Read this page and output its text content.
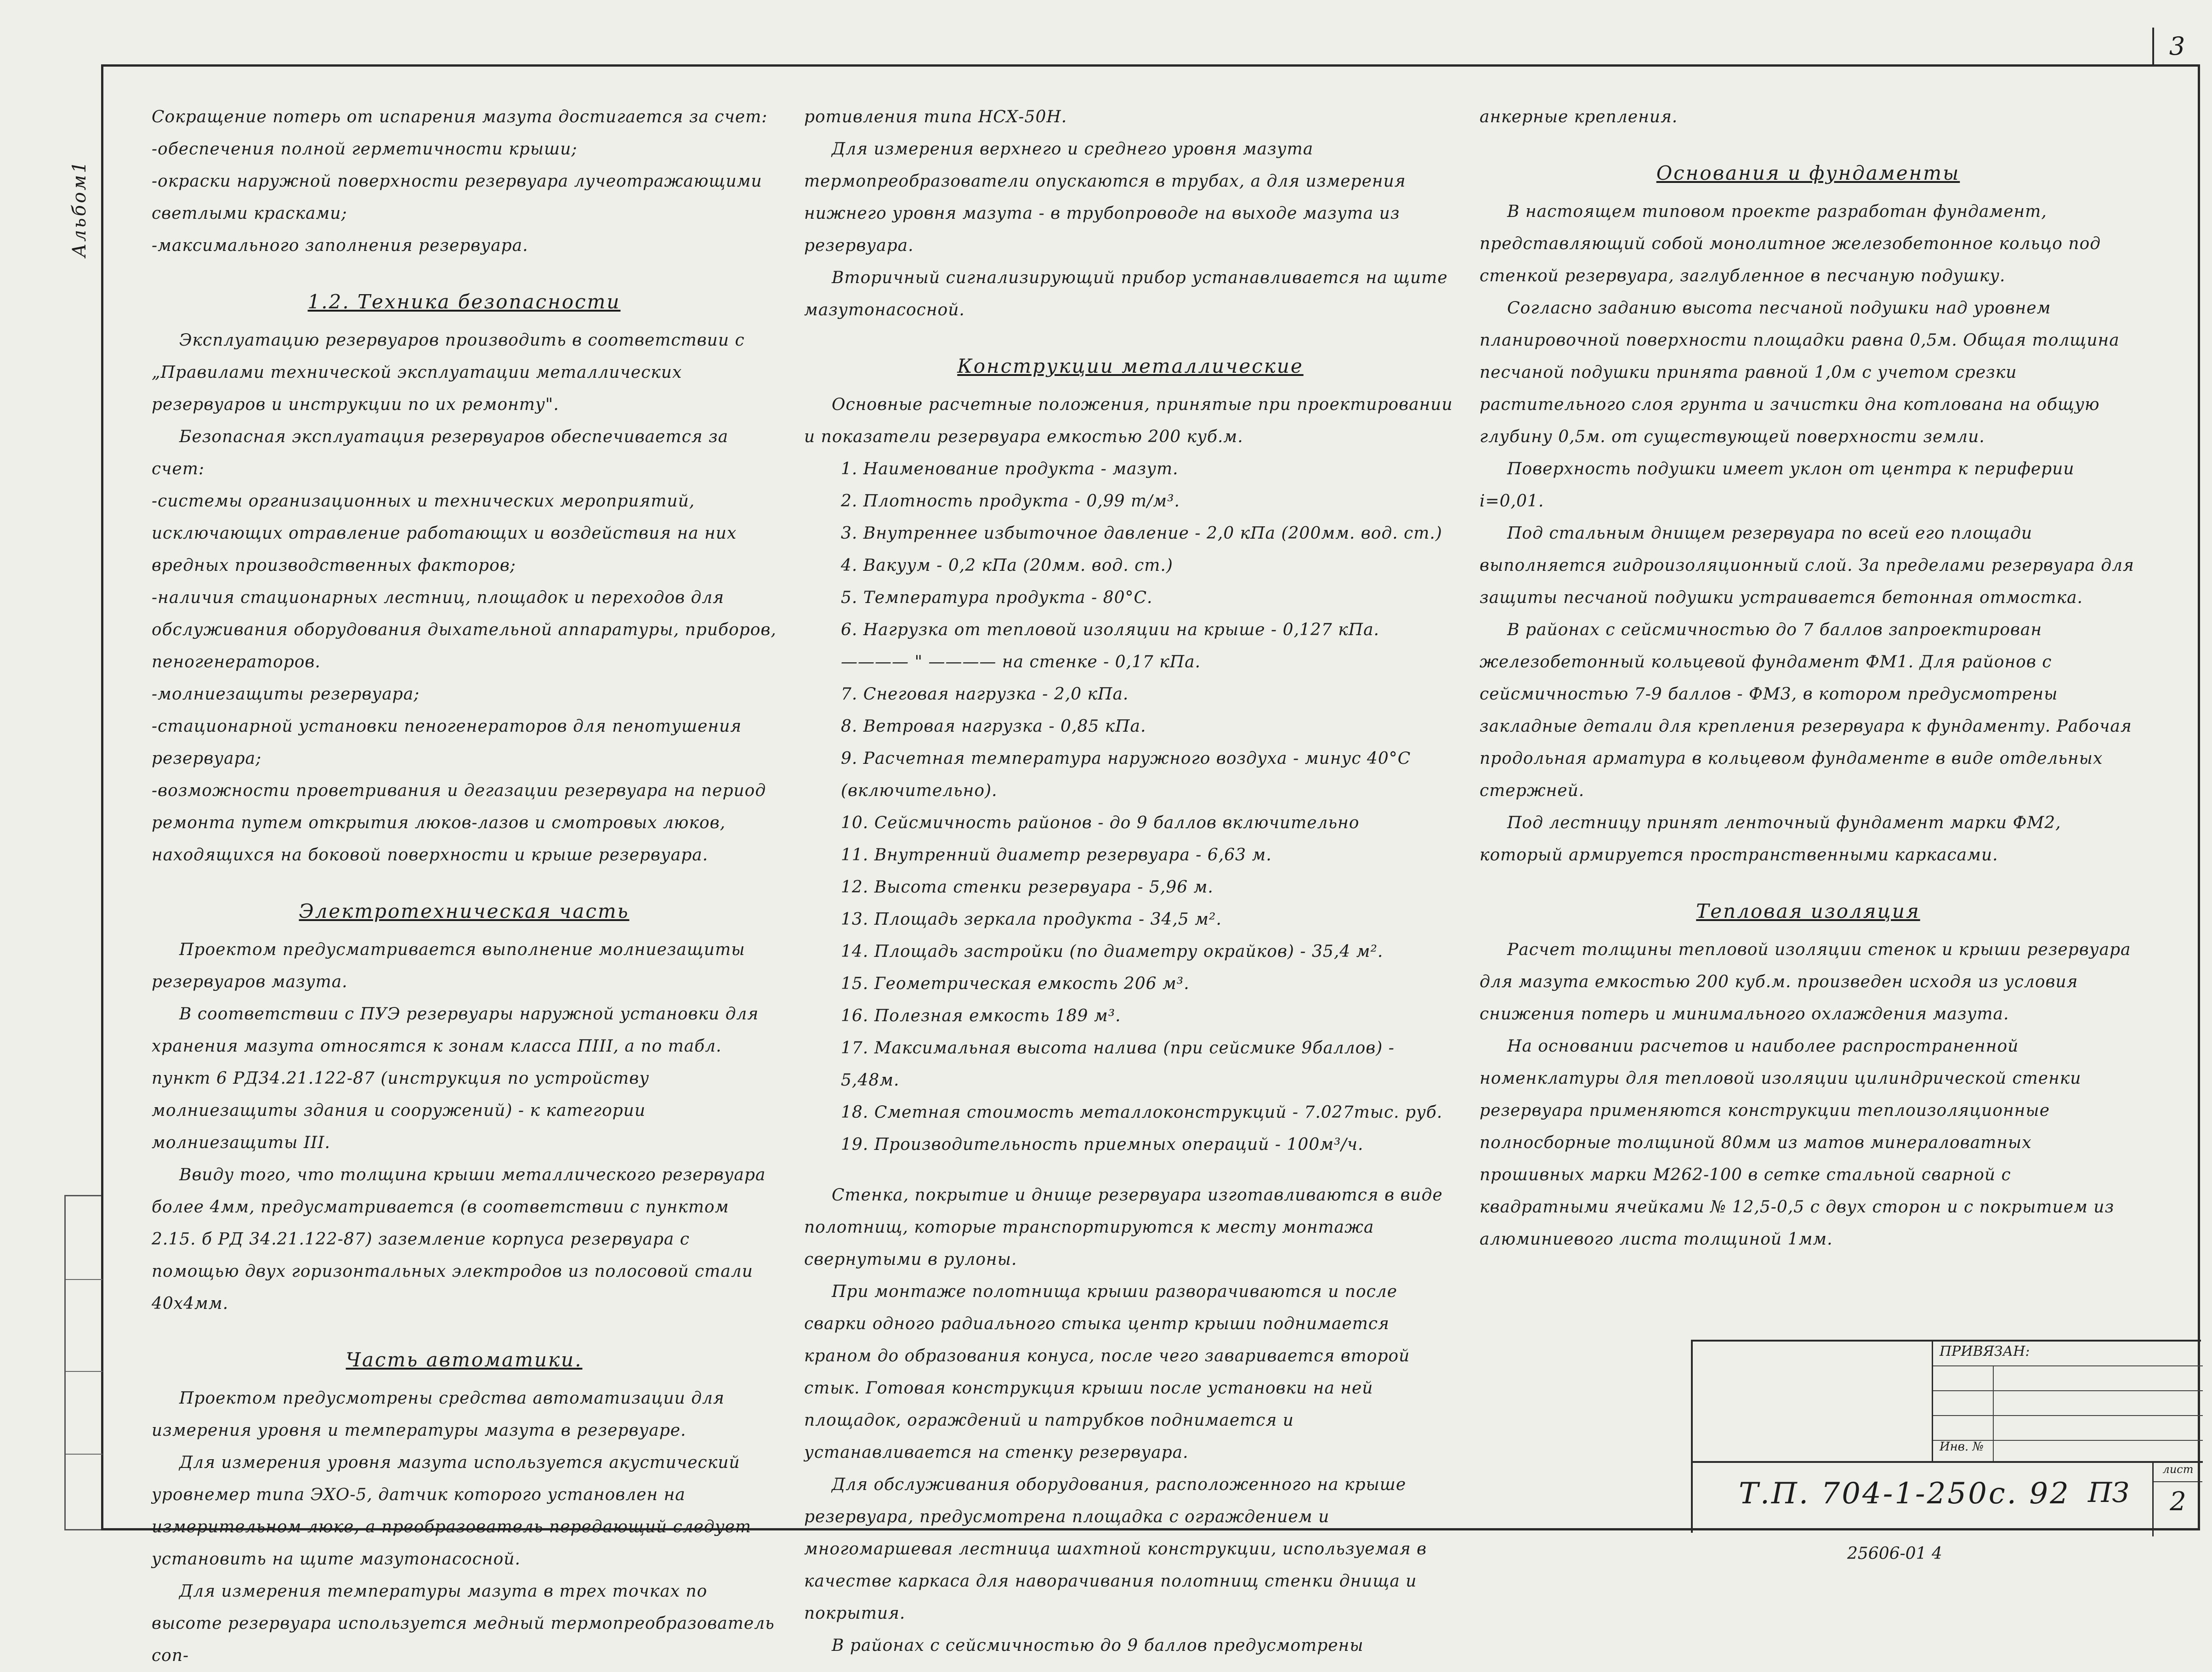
3
Альбом1

Сокращение потерь от испарения мазута достигается за счет:

-обеспечения полной герметичности крыши;

-окраски наружной поверхности резервуара лучеотражающими светлыми красками;

-максимального заполнения резервуара.

1.2. Техника безопасности

Эксплуатацию резервуаров производить в соответствии с „Правилами технической эксплуатации металлических резервуаров и инструкции по их ремонту".

Безопасная эксплуатация резервуаров обеспечивается за счет:

-системы организационных и технических мероприятий, исключающих отравление работающих и воздействия на них вредных производственных факторов;

-наличия стационарных лестниц, площадок и переходов для обслуживания оборудования дыхательной аппаратуры, приборов, пеногенераторов.

-молниезащиты резервуара;

-стационарной установки пеногенераторов для пенотушения резервуара;

-возможности проветривания и дегазации резервуара на период ремонта путем открытия люков-лазов и смотровых люков, находящихся на боковой поверхности и крыше резервуара.

Электротехническая часть

Проектом предусматривается выполнение молниезащиты резервуаров мазута.

В соответствии с ПУЭ резервуары наружной установки для хранения мазута относятся к зонам класса ПIII, а по табл. пункт 6 РД34.21.122-87 (инструкция по устройству молниезащиты здания и сооружений) - к категории молниезащиты III.

Ввиду того, что толщина крыши металлического резервуара более 4мм, предусматривается (в соответствии с пунктом 2.15. б РД 34.21.122-87) заземление корпуса резервуара с помощью двух горизонтальных электродов из полосовой стали 40х4мм.

Часть автоматики.

Проектом предусмотрены средства автоматизации для измерения уровня и температуры мазута в резервуаре.

Для измерения уровня мазута используется акустический уровнемер типа ЭХО-5, датчик которого установлен на измерительном люке, а преобразователь передающий следует установить на щите мазутонасосной.

Для измерения температуры мазута в трех точках по высоте резервуара используется медный термопреобразователь соп-

ротивления типа НСХ-50Н.

Для измерения верхнего и среднего уровня мазута термопреобразователи опускаются в трубах, а для измерения нижнего уровня мазута - в трубопроводе на выходе мазута из резервуара.

Вторичный сигнализирующий прибор устанавливается на щите мазутонасосной.

Конструкции металлические

Основные расчетные положения, принятые при проектировании и показатели резервуара емкостью 200 куб.м.

1. Наименование продукта - мазут.

2. Плотность продукта - 0,99 т/м³.

3. Внутреннее избыточное давление - 2,0 кПа (200мм. вод. ст.)

4. Вакуум - 0,2 кПа (20мм. вод. ст.)

5. Температура продукта - 80°С.

6. Нагрузка от тепловой изоляции на крыше - 0,127 кПа.

———— " ———— на стенке - 0,17 кПа.

7. Снеговая нагрузка - 2,0 кПа.

8. Ветровая нагрузка - 0,85 кПа.

9. Расчетная температура наружного воздуха - минус 40°С (включительно).

10. Сейсмичность районов - до 9 баллов включительно

11. Внутренний диаметр резервуара - 6,63 м.

12. Высота стенки резервуара - 5,96 м.

13. Площадь зеркала продукта - 34,5 м².

14. Площадь застройки (по диаметру окрайков) - 35,4 м².

15. Геометрическая емкость 206 м³.

16. Полезная емкость 189 м³.

17. Максимальная высота налива (при сейсмике 9баллов) - 5,48м.

18. Сметная стоимость металлоконструкций - 7.027тыс. руб.

19. Производительность приемных операций - 100м³/ч.

Стенка, покрытие и днище резервуара изготавливаются в виде полотнищ, которые транспортируются к месту монтажа свернутыми в рулоны.

При монтаже полотнища крыши разворачиваются и после сварки одного радиального стыка центр крыши поднимается краном до образования конуса, после чего заваривается второй стык. Готовая конструкция крыши после установки на ней площадок, ограждений и патрубков поднимается и устанавливается на стенку резервуара.

Для обслуживания оборудования, расположенного на крыше резервуара, предусмотрена площадка с ограждением и многомаршевая лестница шахтной конструкции, используемая в качестве каркаса для наворачивания полотнищ стенки днища и покрытия.

В районах с сейсмичностью до 9 баллов предусмотрены

анкерные крепления.

Основания и фундаменты

В настоящем типовом проекте разработан фундамент, представляющий собой монолитное железобетонное кольцо под стенкой резервуара, заглубленное в песчаную подушку.

Согласно заданию высота песчаной подушки над уровнем планировочной поверхности площадки равна 0,5м. Общая толщина песчаной подушки принята равной 1,0м с учетом срезки растительного слоя грунта и зачистки дна котлована на общую глубину 0,5м. от существующей поверхности земли.

Поверхность подушки имеет уклон от центра к периферии i=0,01.

Под стальным днищем резервуара по всей его площади выполняется гидроизоляционный слой. За пределами резервуара для защиты песчаной подушки устраивается бетонная отмостка.

В районах с сейсмичностью до 7 баллов запроектирован железобетонный кольцевой фундамент ФМ1. Для районов с сейсмичностью 7-9 баллов - ФМ3, в котором предусмотрены закладные детали для крепления резервуара к фундаменту. Рабочая продольная арматура в кольцевом фундаменте в виде отдельных стержней.

Под лестницу принят ленточный фундамент марки ФМ2, который армируется пространственными каркасами.

Тепловая изоляция

Расчет толщины тепловой изоляции стенок и крыши резервуара для мазута емкостью 200 куб.м. произведен исходя из условия снижения потерь и минимального охлаждения мазута.

На основании расчетов и наиболее распространенной номенклатуры для тепловой изоляции цилиндрической стенки резервуара применяются конструкции теплоизоляционные полносборные толщиной 80мм из матов минераловатных прошивных марки М262-100 в сетке стальной сварной с квадратными ячейками № 12,5-0,5 с двух сторон и с покрытием из алюминиевого листа толщиной 1мм.

ПРИВЯЗАН:
Инв. №
Т.П. 704-1-250с. 92 ПЗ
лист
2
25606-01 4
